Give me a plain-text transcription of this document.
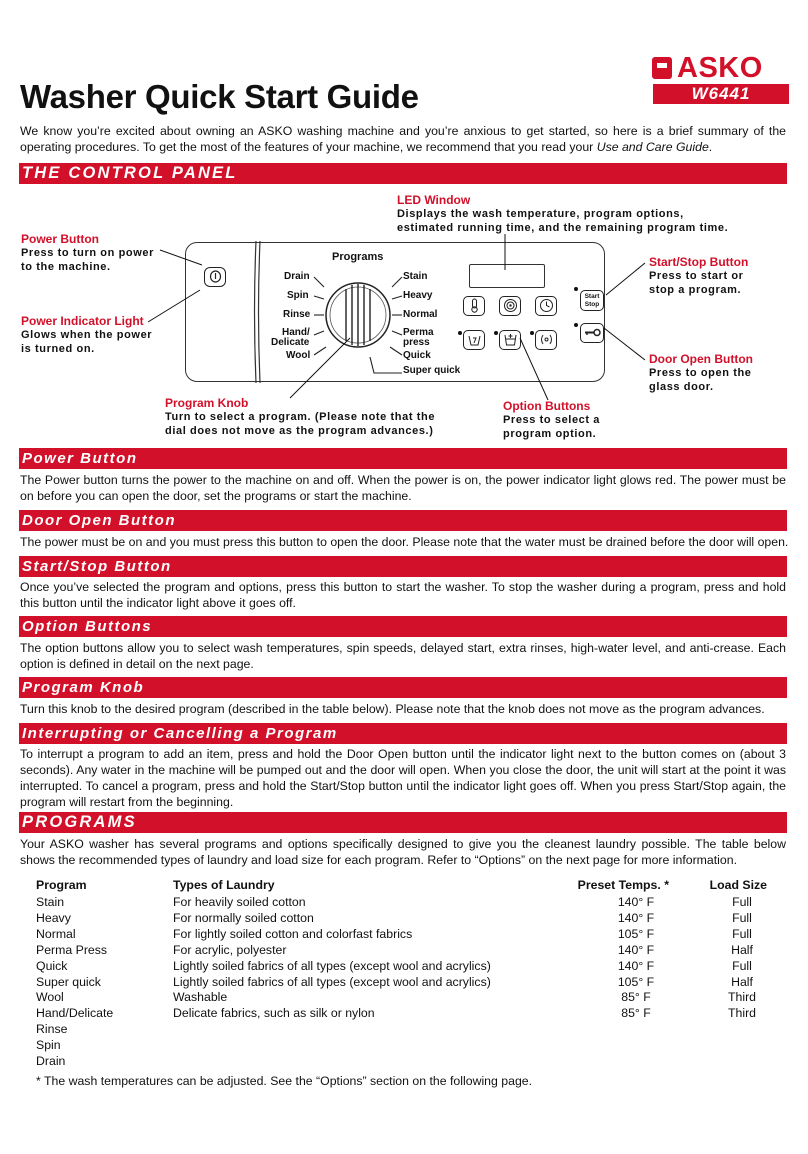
Washer Quick Start Guide
ASKO
W6441
We know you’re excited about owning an ASKO washing machine and you’re anxious to get started, so here is a brief summary of the operating procedures. To get the most of the features of your machine, we recommend that you read your Use and Care Guide.
THE CONTROL PANEL
LED Window
Displays the wash temperature, program options,
estimated running time, and the remaining program time.
Power Button
Press to turn on power
to the machine.
Power Indicator Light
Glows when the power
is turned on.
Start/Stop Button
Press to start or
stop a program.
Door Open Button
Press to open the
glass door.
Program Knob
Turn to select a program. (Please note that the
dial does not move as the program advances.)
Option Buttons
Press to select a
program option.
Programs
Drain
Spin
Rinse
Hand/
Delicate
Wool
Stain
Heavy
Normal
Perma
press
Quick
Super quick
Start
Stop
Power Button
The Power button turns the power to the machine on and off. When the power is on, the power indicator light glows red. The power must be on before you can open the door, set the programs or start the machine.
Door Open Button
The power must be on and you must press this button to open the door. Please note that the water must be drained before the door will open.
Start/Stop Button
Once you’ve selected the program and options, press this button to start the washer. To stop the washer during a program, press and hold this button until the indicator light above it goes off.
Option Buttons
The option buttons allow you to select wash temperatures, spin speeds, delayed start, extra rinses, high-water level, and anti-crease. Each option is defined in detail on the next page.
Program Knob
Turn this knob to the desired program (described in the table below). Please note that the knob does not move as the program advances.
Interrupting or Cancelling a Program
To interrupt a program to add an item, press and hold the Door Open button until the indicator light next to the button comes on (about 3 seconds). Any water in the machine will be pumped out and the door will open. When you close the door, the unit will start at the point it was interrupted. To cancel a program, press and hold the Start/Stop button until the indicator light goes off. When you press Start/Stop again, the program will restart from the beginning.
PROGRAMS
Your ASKO washer has several programs and options specifically designed to give you the cleanest laundry possible. The table below shows the recommended types of laundry and load size for each program. Refer to “Options” on the next page for more information.
Program	Types of Laundry	Preset Temps. *	Load Size
Stain	For heavily soiled cotton	140° F	Full
Heavy	For normally soiled cotton	140° F	Full
Normal	For lightly soiled cotton and colorfast fabrics	105° F	Full
Perma Press	For acrylic, polyester	140° F	Half
Quick	Lightly soiled fabrics of all types (except wool and acrylics)	140° F	Full
Super quick	Lightly soiled fabrics of all types (except wool and acrylics)	105° F	Half
Wool	Washable	85° F	Third
Hand/Delicate	Delicate fabrics, such as silk or nylon	85° F	Third
Rinse			
Spin			
Drain			
* The wash temperatures can be adjusted. See the “Options” section on the following page.
